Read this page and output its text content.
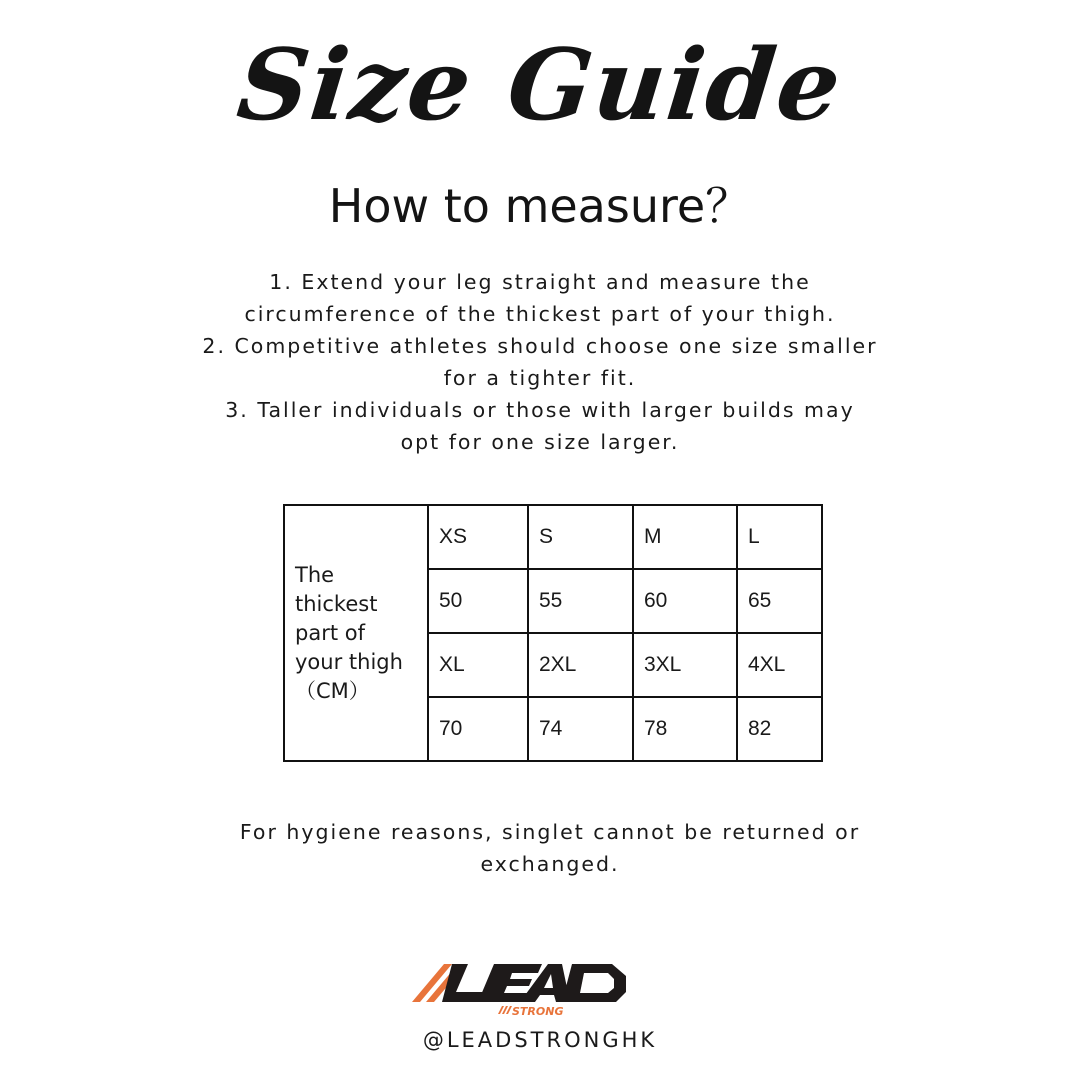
Size Guide
How to measure？
1. Extend your leg straight and measure the
circumference of the thickest part of your thigh.
2. Competitive athletes should choose one size smaller
for a tighter fit.
3. Taller individuals or those with larger builds may
opt for one size larger.
The
thickest
part of
your thigh
（CM）	XS	S	M	L
	50	55	60	65
	XL	2XL	3XL	4XL
	70	74	78	82
For hygiene reasons, singlet cannot be returned or
exchanged.
STRONG
@LEADSTRONGHK
